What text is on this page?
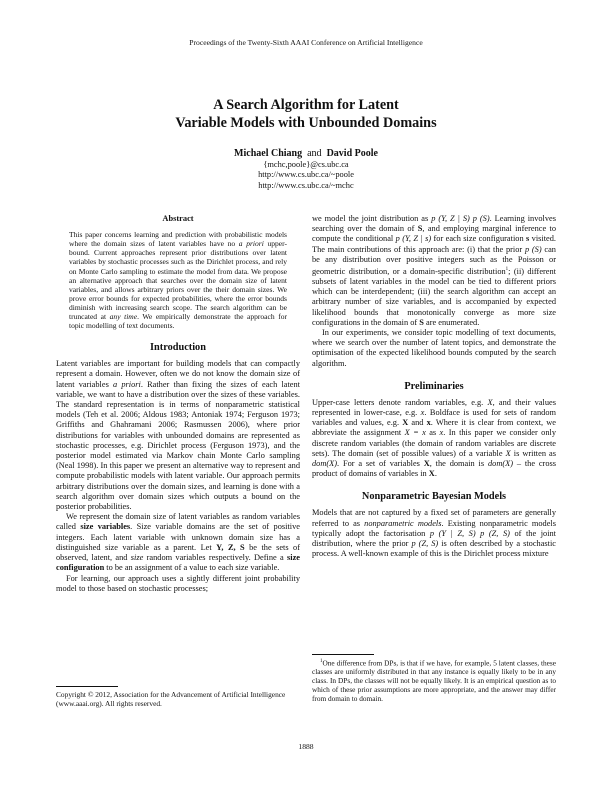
Proceedings of the Twenty-Sixth AAAI Conference on Artificial Intelligence
A Search Algorithm for Latent
Variable Models with Unbounded Domains
Michael Chiang and David Poole
{mchc,poole}@cs.ubc.ca
http://www.cs.ubc.ca/~poole
http://www.cs.ubc.ca/~mchc
Abstract

This paper concerns learning and prediction with probabilistic models where the domain sizes of latent variables have no a priori upper-bound. Current approaches represent prior distributions over latent variables by stochastic processes such as the Dirichlet process, and rely on Monte Carlo sampling to estimate the model from data. We propose an alternative approach that searches over the domain size of latent variables, and allows arbitrary priors over the their domain sizes. We prove error bounds for expected probabilities, where the error bounds diminish with increasing search scope. The search algorithm can be truncated at any time. We empirically demonstrate the approach for topic modelling of text documents.

Introduction

Latent variables are important for building models that can compactly represent a domain. However, often we do not know the domain size of latent variables a priori. Rather than fixing the sizes of each latent variable, we want to have a distribution over the sizes of these variables. The standard representation is in terms of nonparametric statistical models (Teh et al. 2006; Aldous 1983; Antoniak 1974; Ferguson 1973; Griffiths and Ghahramani 2006; Rasmussen 2006), where prior distributions for variables with unbounded domains are represented as stochastic processes, e.g. Dirichlet process (Ferguson 1973), and the posterior model estimated via Markov chain Monte Carlo sampling (Neal 1998). In this paper we present an alternative way to represent and compute probabilistic models with latent variable. Our approach permits arbitrary distributions over the domain sizes, and learning is done with a search algorithm over domain sizes which outputs a bound on the posterior probabilities.

We represent the domain size of latent variables as random variables called size variables. Size variable domains are the set of positive integers. Each latent variable with unknown domain size has a distinguished size variable as a parent. Let Y, Z, S be the sets of observed, latent, and size random variables respectively. Define a size configuration to be an assignment of a value to each size variable.

For learning, our approach uses a sightly different joint probability model to those based on stochastic processes;

Copyright © 2012, Association for the Advancement of Artificial Intelligence (www.aaai.org). All rights reserved.

we model the joint distribution as p (Y, Z | S) p (S). Learning involves searching over the domain of S, and employing marginal inference to compute the conditional p (Y, Z | s) for each size configuration s visited. The main contributions of this approach are: (i) that the prior p (S) can be any distribution over positive integers such as the Poisson or geometric distribution, or a domain-specific distribution$^1$; (ii) different subsets of latent variables in the model can be tied to different priors which can be interdependent; (iii) the search algorithm can accept an arbitrary number of size variables, and is accompanied by expected likelihood bounds that monotonically converge as more size configurations in the domain of S are enumerated.

In our experiments, we consider topic modelling of text documents, where we search over the number of latent topics, and demonstrate the optimisation of the expected likelihood bounds computed by the search algorithm.

Preliminaries

Upper-case letters denote random variables, e.g. X, and their values represented in lower-case, e.g. x. Boldface is used for sets of random variables and values, e.g. X and x. Where it is clear from context, we abbreviate the assignment X = x as x. In this paper we consider only discrete random variables (the domain of random variables are discrete sets). The domain (set of possible values) of a variable X is written as dom(X). For a set of variables X, the domain is dom(X) – the cross product of domains of variables in X.

Nonparametric Bayesian Models

Models that are not captured by a fixed set of parameters are generally referred to as nonparametric models. Existing nonparametric models typically adopt the factorisation p (Y | Z, S) p (Z, S) of the joint distribution, where the prior p (Z, S) is often described by a stochastic process. A well-known example of this is the Dirichlet process mixture

$^1$One difference from DPs, is that if we have, for example, 5 latent classes, these classes are uniformly distributed in that any instance is equally likely to be in any class. In DPs, the classes will not be equally likely. It is an empirical question as to which of these prior assumptions are more appropriate, and the answer may differ from domain to domain.

1888
